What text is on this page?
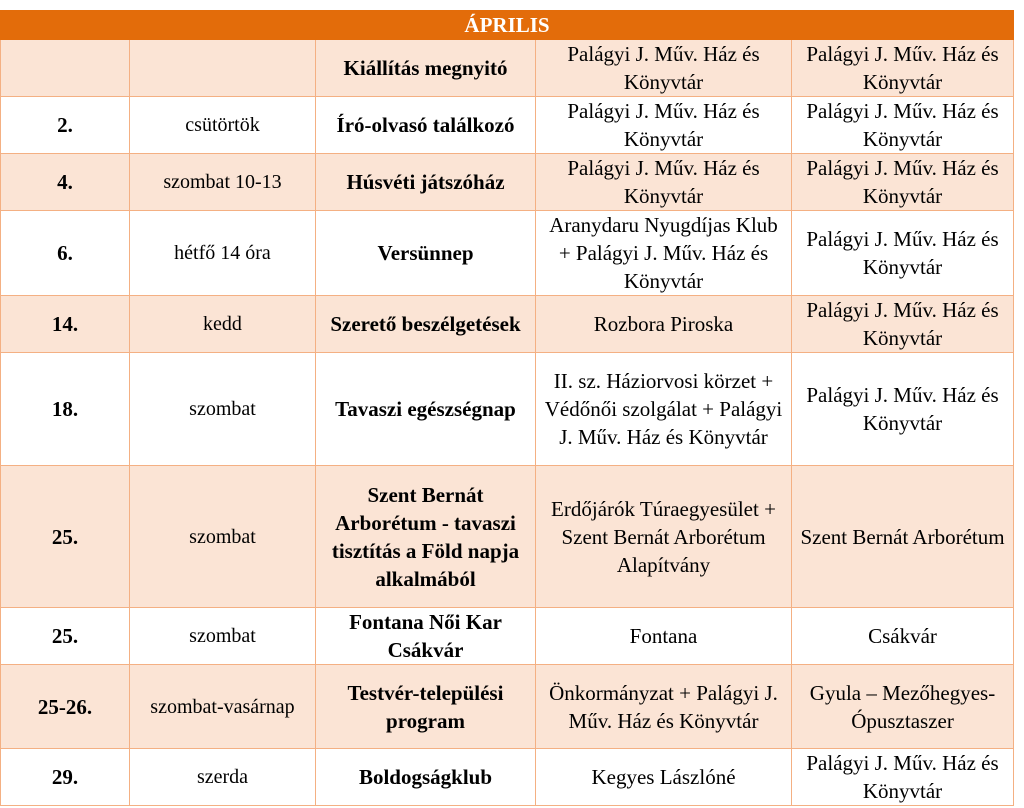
ÁPRILIS				
		Kiállítás megnyitó	Palágyi J. Műv. Ház és Könyvtár	Palágyi J. Műv. Ház és Könyvtár
2.	csütörtök	Író-olvasó találkozó	Palágyi J. Műv. Ház és Könyvtár	Palágyi J. Műv. Ház és Könyvtár
4.	szombat 10-13	Húsvéti játszóház	Palágyi J. Műv. Ház és Könyvtár	Palágyi J. Műv. Ház és Könyvtár
6.	hétfő 14 óra	Versünnep	Aranydaru Nyugdíjas Klub + Palágyi J. Műv. Ház és Könyvtár	Palágyi J. Műv. Ház és Könyvtár
14.	kedd	Szerető beszélgetések	Rozbora Piroska	Palágyi J. Műv. Ház és Könyvtár
18.	szombat	Tavaszi egészségnap	II. sz. Háziorvosi körzet + Védőnői szolgálat + Palágyi J. Műv. Ház és Könyvtár	Palágyi J. Műv. Ház és Könyvtár
25.	szombat	Szent Bernát Arborétum - tavaszi tisztítás a Föld napja alkalmából	Erdőjárók Túraegyesület + Szent Bernát Arborétum Alapítvány	Szent Bernát Arborétum
25.	szombat	Fontana Női Kar Csákvár	Fontana	Csákvár
25-26.	szombat-vasárnap	Testvér-települési program	Önkormányzat + Palágyi J. Műv. Ház és Könyvtár	Gyula – Mezőhegyes-Ópusztaszer
29.	szerda	Boldogságklub	Kegyes Lászlóné	Palágyi J. Műv. Ház és Könyvtár
